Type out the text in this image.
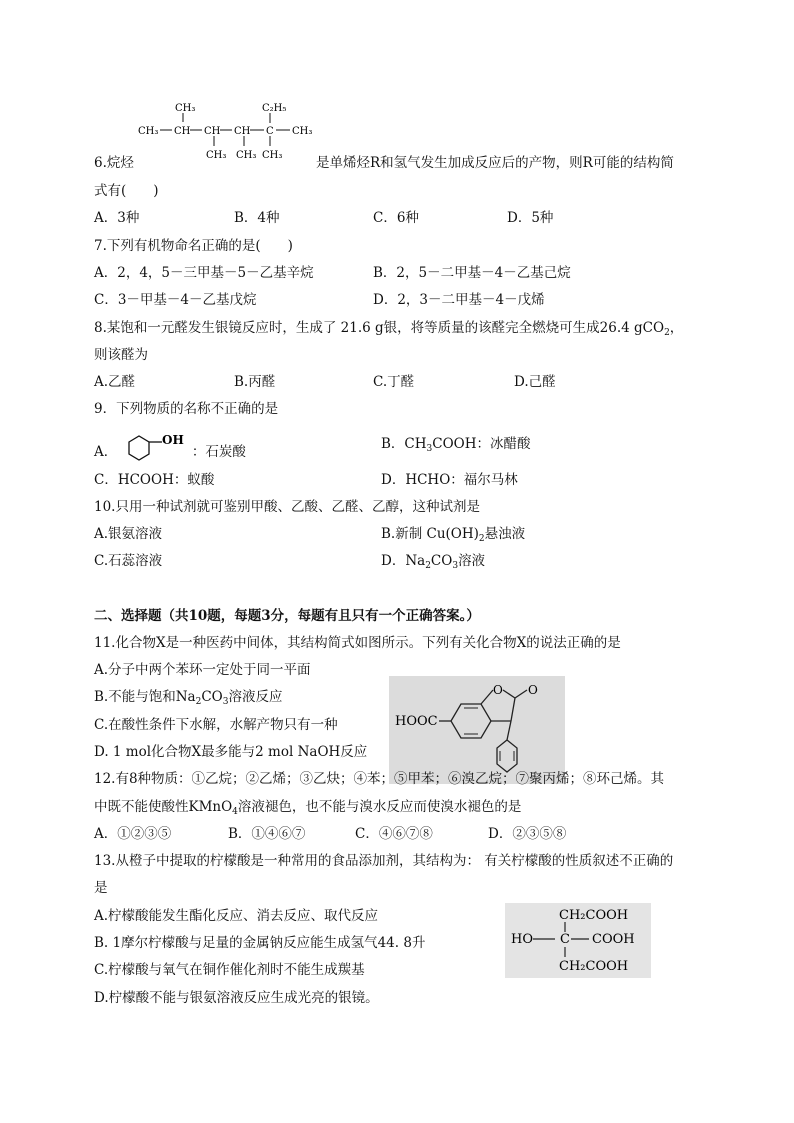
CH₃
CH₃ CH CH
CH₃
CH
CH₃
C
C₂H₅
CH₃
CH₃
6.烷烃	是单烯烃R和氢气发生加成反应后的产物，则R可能的结构简
式有(　　)
A．3种	B．4种	C．6种	D．5种
7.下列有机物命名正确的是(　　)
A．2，4，5－三甲基－5－乙基辛烷	B．2，5－二甲基－4－乙基己烷
C．3－甲基－4－乙基戊烷	D．2，3－二甲基－4－戊烯
8.某饱和一元醛发生银镜反应时，生成了 21.6 g银，将等质量的该醛完全燃烧可生成26.4 gCO$_2$，
则该醛为
A.乙醛	B.丙醛	C.丁醛	D.己醛
9．下列物质的名称不正确的是
A．
OH
：石炭酸	B．$CH_3COOH$：冰醋酸
C．HCOOH：蚁酸	D．HCHO：福尔马林
10.只用一种试剂就可鉴别甲酸、乙酸、乙醛、乙醇，这种试剂是
A.银氨溶液	B.新制 $Cu(OH)_2$悬浊液
C.石蕊溶液	D．$Na_2CO_3$溶液
二、选择题（共10题，每题3分，每题有且只有一个正确答案。）
11.化合物X是一种医药中间体，其结构简式如图所示。下列有关化合物X的说法正确的是
A.分子中两个苯环一定处于同一平面
B.不能与饱和$Na_2CO_3$溶液反应
C.在酸性条件下水解，水解产物只有一种
D. 1 mol化合物X最多能与2 mol NaOH反应
HOOC
O O
12.有8种物质：①乙烷；②乙烯；③乙炔；④苯；⑤甲苯；⑥溴乙烷；⑦聚丙烯；⑧环己烯。其
中既不能使酸性KMnO$_4$溶液褪色，也不能与溴水反应而使溴水褪色的是
A．①②③⑤	B．①④⑥⑦	C．④⑥⑦⑧	D．②③⑤⑧
13.从橙子中提取的柠檬酸是一种常用的食品添加剂，其结构为： 有关柠檬酸的性质叙述不正确的
是
A.柠檬酸能发生酯化反应、消去反应、取代反应
B. 1摩尔柠檬酸与足量的金属钠反应能生成氢气44. 8升
C.柠檬酸与氧气在铜作催化剂时不能生成羰基
D.柠檬酸不能与银氨溶液反应生成光亮的银镜。
CH₂COOH
HO C COOH
CH₂COOH
